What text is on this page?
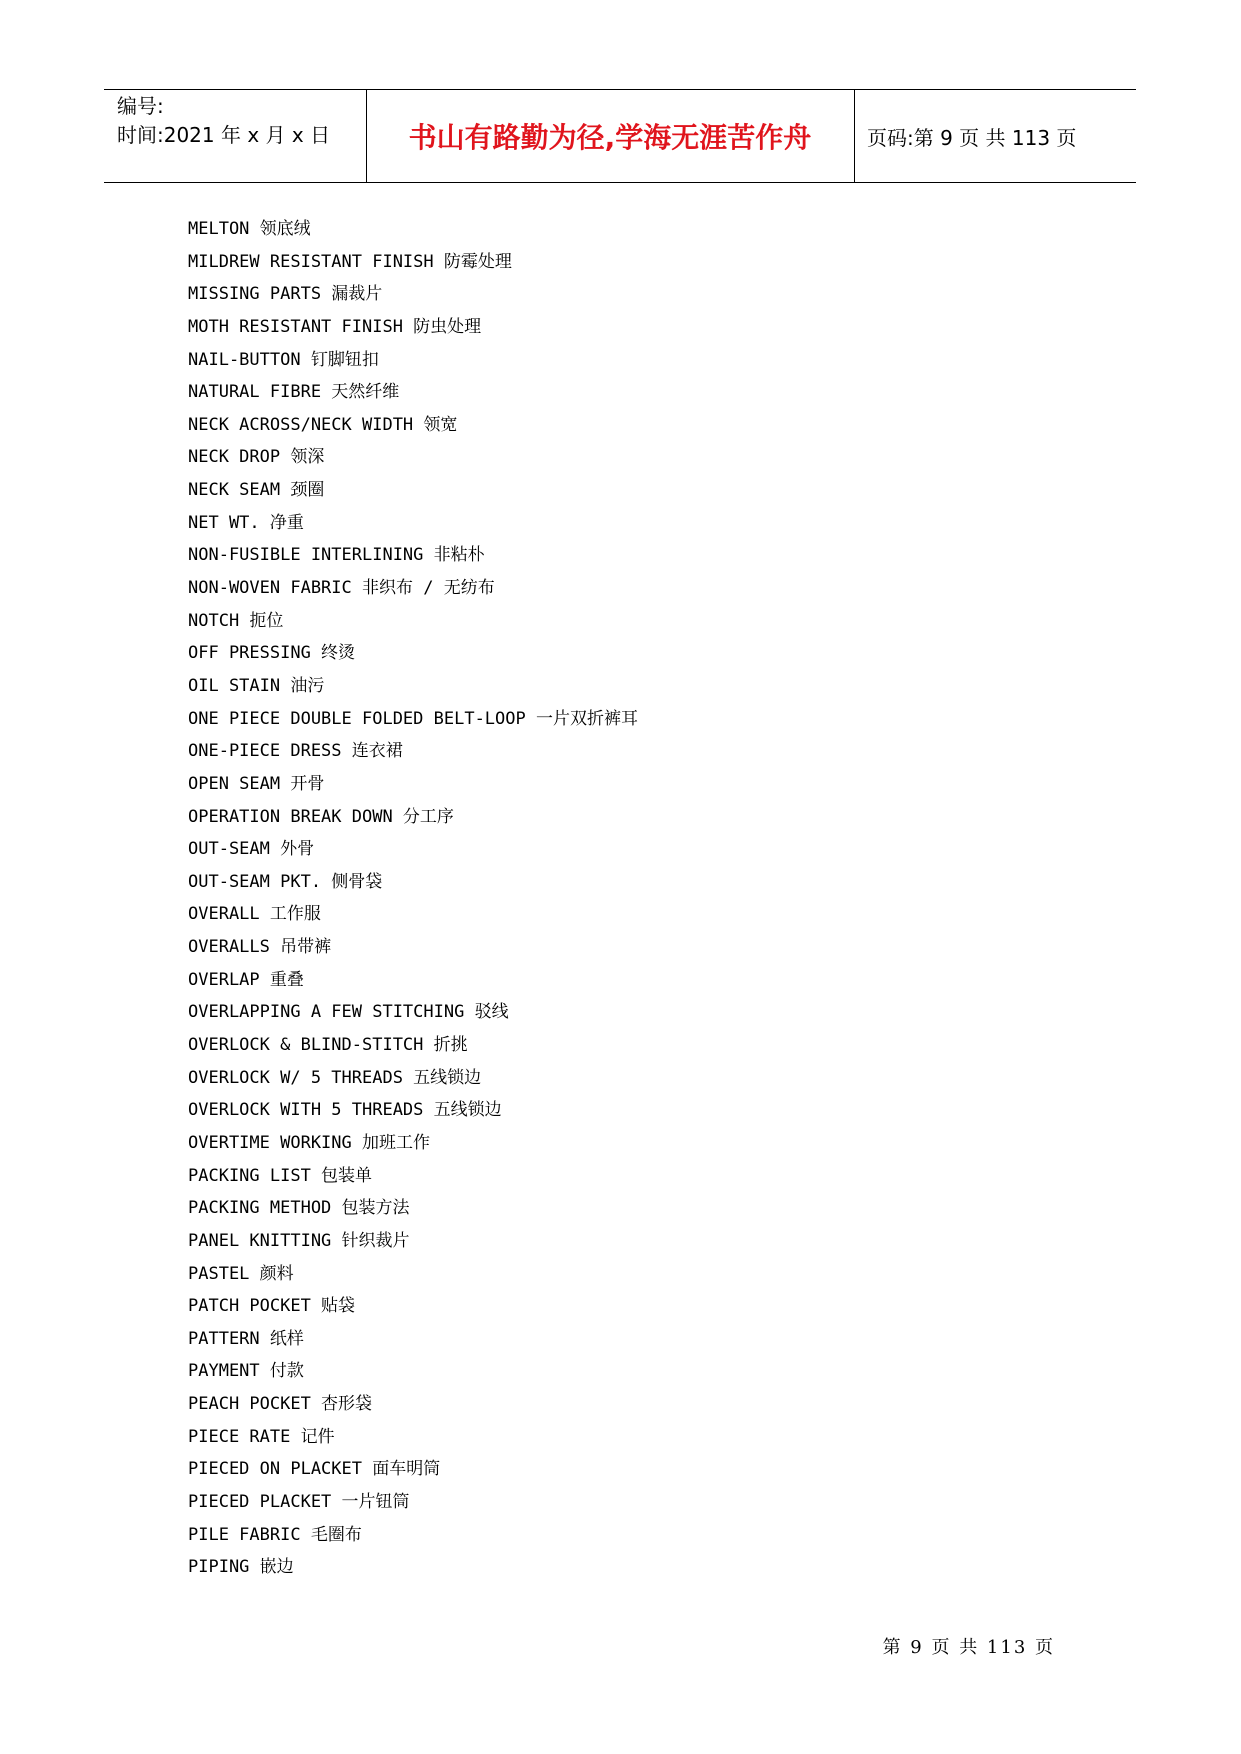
编号:
时间:2021 年 x 月 x 日	书山有路勤为径,学海无涯苦作舟	页码:第 9 页 共 113 页
MELTON 领底绒
MILDREW RESISTANT FINISH 防霉处理
MISSING PARTS 漏裁片
MOTH RESISTANT FINISH 防虫处理
NAIL-BUTTON 钉脚钮扣
NATURAL FIBRE 天然纤维
NECK ACROSS/NECK WIDTH 领宽
NECK DROP 领深
NECK SEAM 颈圈
NET WT. 净重
NON-FUSIBLE INTERLINING 非粘朴
NON-WOVEN FABRIC 非织布 / 无纺布
NOTCH 扼位
OFF PRESSING 终烫
OIL STAIN 油污
ONE PIECE DOUBLE FOLDED BELT-LOOP 一片双折裤耳
ONE-PIECE DRESS 连衣裙
OPEN SEAM 开骨
OPERATION BREAK DOWN 分工序
OUT-SEAM 外骨
OUT-SEAM PKT. 侧骨袋
OVERALL 工作服
OVERALLS 吊带裤
OVERLAP 重叠
OVERLAPPING A FEW STITCHING 驳线
OVERLOCK & BLIND-STITCH 折挑
OVERLOCK W/ 5 THREADS 五线锁边
OVERLOCK WITH 5 THREADS 五线锁边
OVERTIME WORKING 加班工作
PACKING LIST 包装单
PACKING METHOD 包装方法
PANEL KNITTING 针织裁片
PASTEL 颜料
PATCH POCKET 贴袋
PATTERN 纸样
PAYMENT 付款
PEACH POCKET 杏形袋
PIECE RATE 记件
PIECED ON PLACKET 面车明筒
PIECED PLACKET 一片钮筒
PILE FABRIC 毛圈布
PIPING 嵌边
第 9 页 共 113 页
